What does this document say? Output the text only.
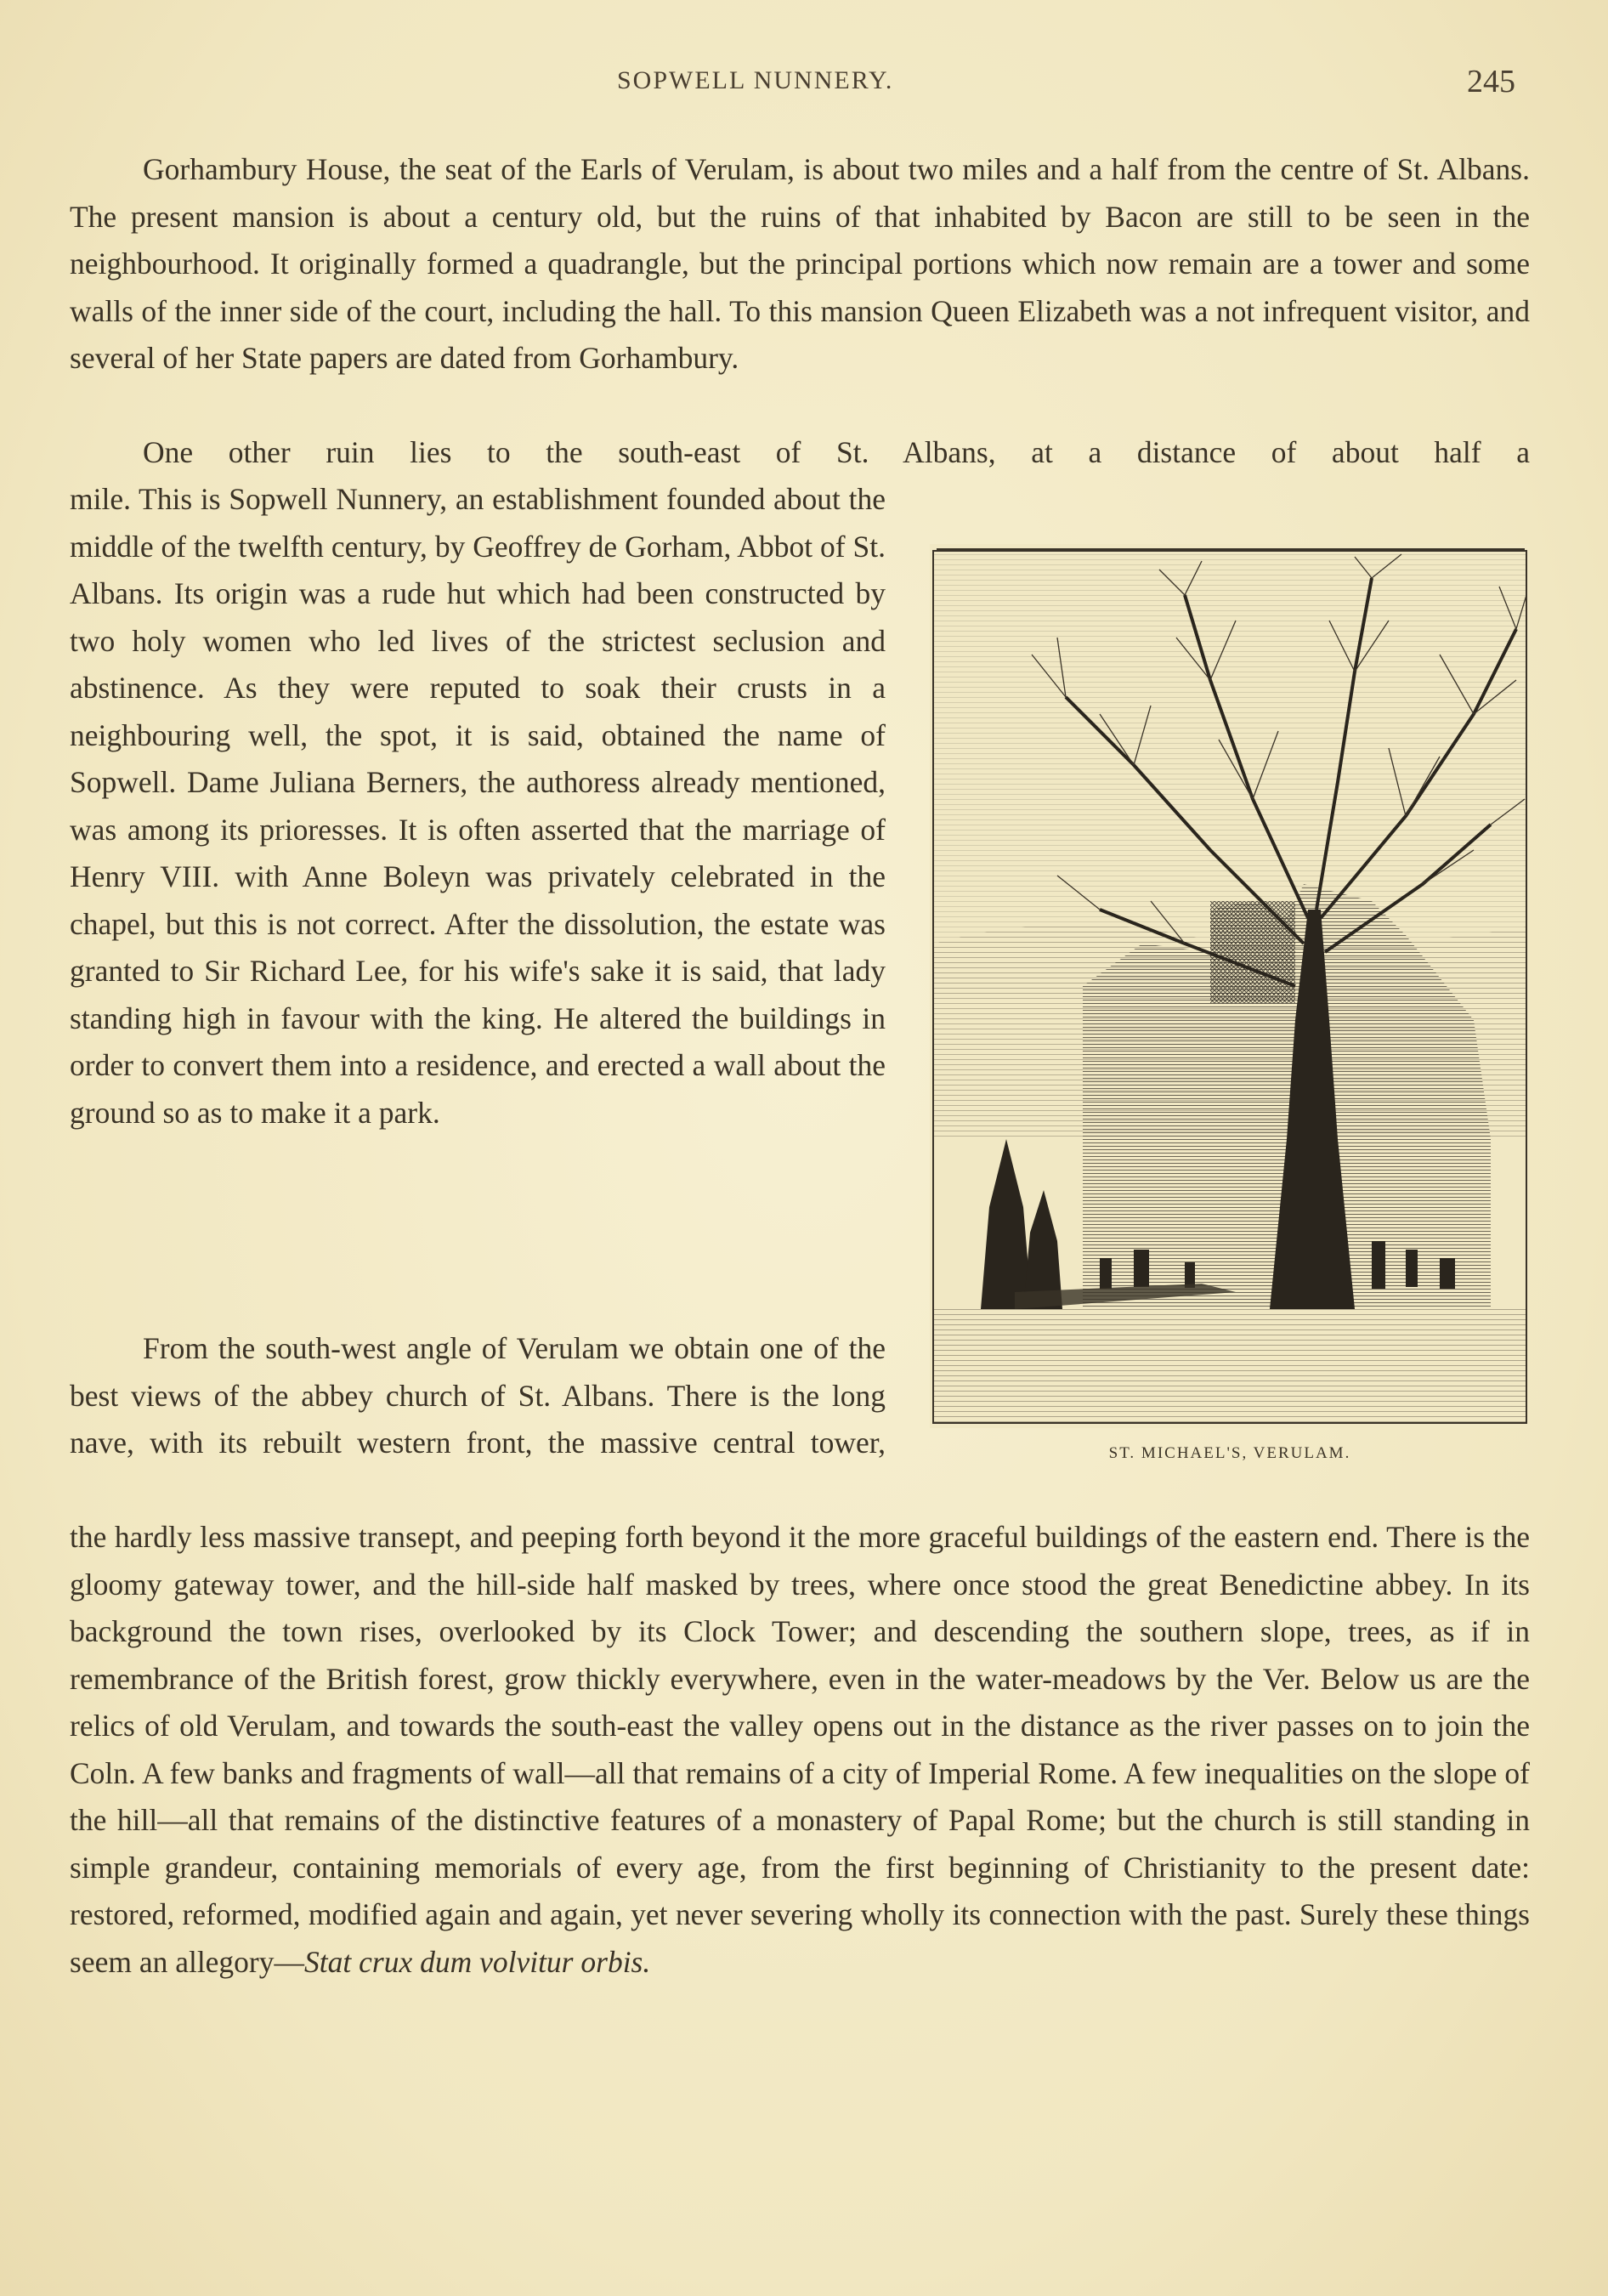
SOPWELL NUNNERY.	245

Gorhambury House, the seat of the Earls of Verulam, is about two miles and a half from the centre of St. Albans. The present mansion is about a century old, but the ruins of that inhabited by Bacon are still to be seen in the neighbourhood. It originally formed a quadrangle, but the principal portions which now remain are a tower and some walls of the inner side of the court, including the hall. To this mansion Queen Elizabeth was a not infrequent visitor, and several of her State papers are dated from Gorhambury.

One other ruin lies to the south-east of St. Albans, at a distance of about half a

mile. This is Sopwell Nunnery, an establishment founded about the middle of the twelfth century, by Geoffrey de Gorham, Abbot of St. Albans. Its origin was a rude hut which had been constructed by two holy women who led lives of the strictest seclusion and abstinence. As they were reputed to soak their crusts in a neighbouring well, the spot, it is said, obtained the name of Sopwell. Dame Juliana Berners, the authoress already mentioned, was among its prioresses. It is often asserted that the marriage of Henry VIII. with Anne Boleyn was privately celebrated in the chapel, but this is not correct. After the dissolution, the estate was granted to Sir Richard Lee, for his wife's sake it is said, that lady standing high in favour with the king. He altered the buildings in order to convert them into a residence, and erected a wall about the ground so as to make it a park.

From the south-west angle of Verulam we obtain one of the best views of the abbey church of St. Albans. There is the long nave, with its rebuilt western front, the massive central tower,

the hardly less massive transept, and peeping forth beyond it the more graceful buildings of the eastern end. There is the gloomy gateway tower, and the hill-side half masked by trees, where once stood the great Benedictine abbey. In its background the town rises, overlooked by its Clock Tower; and descending the southern slope, trees, as if in remembrance of the British forest, grow thickly everywhere, even in the water-meadows by the Ver. Below us are the relics of old Verulam, and towards the south-east the valley opens out in the distance as the river passes on to join the Coln. A few banks and fragments of wall—all that remains of a city of Imperial Rome. A few inequalities on the slope of the hill—all that remains of the distinctive features of a monastery of Papal Rome; but the church is still standing in simple grandeur, containing memorials of every age, from the first beginning of Christianity to the present date: restored, reformed, modified again and again, yet never severing wholly its connection with the past. Surely these things seem an allegory—Stat crux dum volvitur orbis.

ST. MICHAEL'S, VERULAM.
